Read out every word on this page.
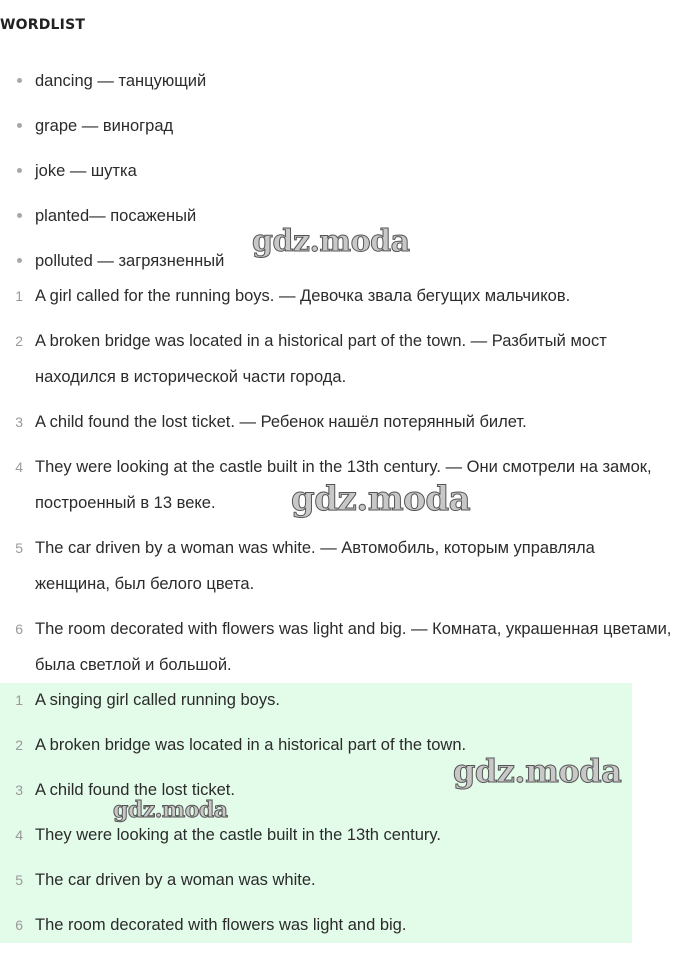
WORDLIST
dancing — танцующий
grape — виноград
joke — шутка
planted— посаженый
polluted — загрязненный
1 A girl called for the running boys. — Девочка звала бегущих мальчиков.
2 A broken bridge was located in a historical part of the town. — Разбитый мост находился в исторической части города.
3 A child found the lost ticket. — Ребенок нашёл потерянный билет.
4 They were looking at the castle built in the 13th century. — Они смотрели на замок, построенный в 13 веке.
5 The car driven by a woman was white. — Автомобиль, которым управляла женщина, был белого цвета.
6 The room decorated with flowers was light and big. — Комната, украшенная цветами, была светлой и большой.
1 A singing girl called running boys.
2 A broken bridge was located in a historical part of the town.
3 A child found the lost ticket.
4 They were looking at the castle built in the 13th century.
5 The car driven by a woman was white.
6 The room decorated with flowers was light and big.
gdz.moda
gdz.moda
gdz.moda
gdz.moda
